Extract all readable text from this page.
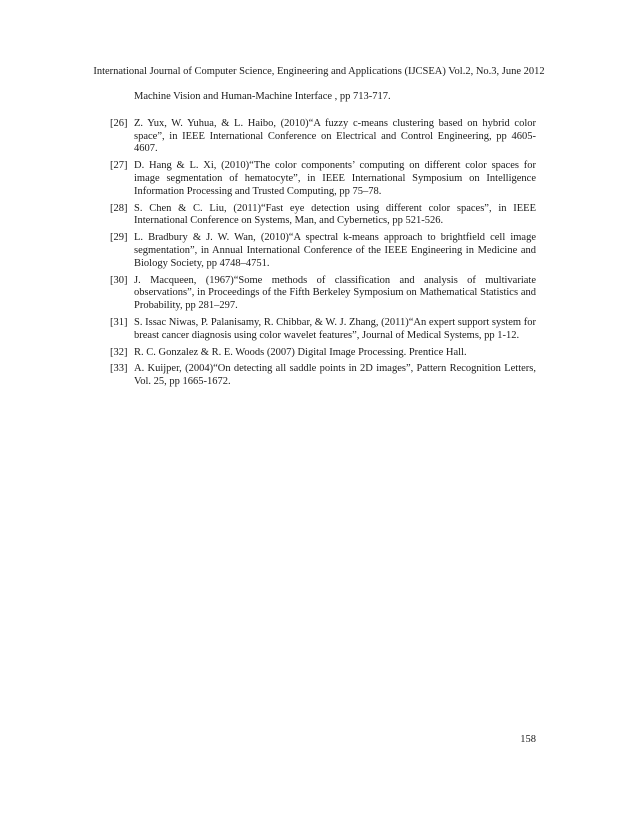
International Journal of Computer Science, Engineering and Applications (IJCSEA) Vol.2, No.3, June 2012
Machine Vision and Human-Machine Interface , pp 713-717.
[26] Z. Yux, W. Yuhua, & L. Haibo, (2010)“A fuzzy c-means clustering based on hybrid color space”, in IEEE International Conference on Electrical and Control Engineering, pp 4605-4607.
[27] D. Hang & L. Xi, (2010)“The color components’ computing on different color spaces for image segmentation of hematocyte”, in IEEE International Symposium on Intelligence Information Processing and Trusted Computing, pp 75–78.
[28] S. Chen & C. Liu, (2011)“Fast eye detection using different color spaces”, in IEEE International Conference on Systems, Man, and Cybernetics, pp 521-526.
[29] L. Bradbury & J. W. Wan, (2010)“A spectral k-means approach to brightfield cell image segmentation”, in Annual International Conference of the IEEE Engineering in Medicine and Biology Society, pp 4748–4751.
[30] J. Macqueen, (1967)“Some methods of classification and analysis of multivariate observations”, in Proceedings of the Fifth Berkeley Symposium on Mathematical Statistics and Probability, pp 281–297.
[31] S. Issac Niwas, P. Palanisamy, R. Chibbar, & W. J. Zhang, (2011)“An expert support system for breast cancer diagnosis using color wavelet features”, Journal of Medical Systems, pp 1-12.
[32] R. C. Gonzalez & R. E. Woods (2007) Digital Image Processing. Prentice Hall.
[33] A. Kuijper, (2004)“On detecting all saddle points in 2D images”, Pattern Recognition Letters, Vol. 25, pp 1665-1672.
158
